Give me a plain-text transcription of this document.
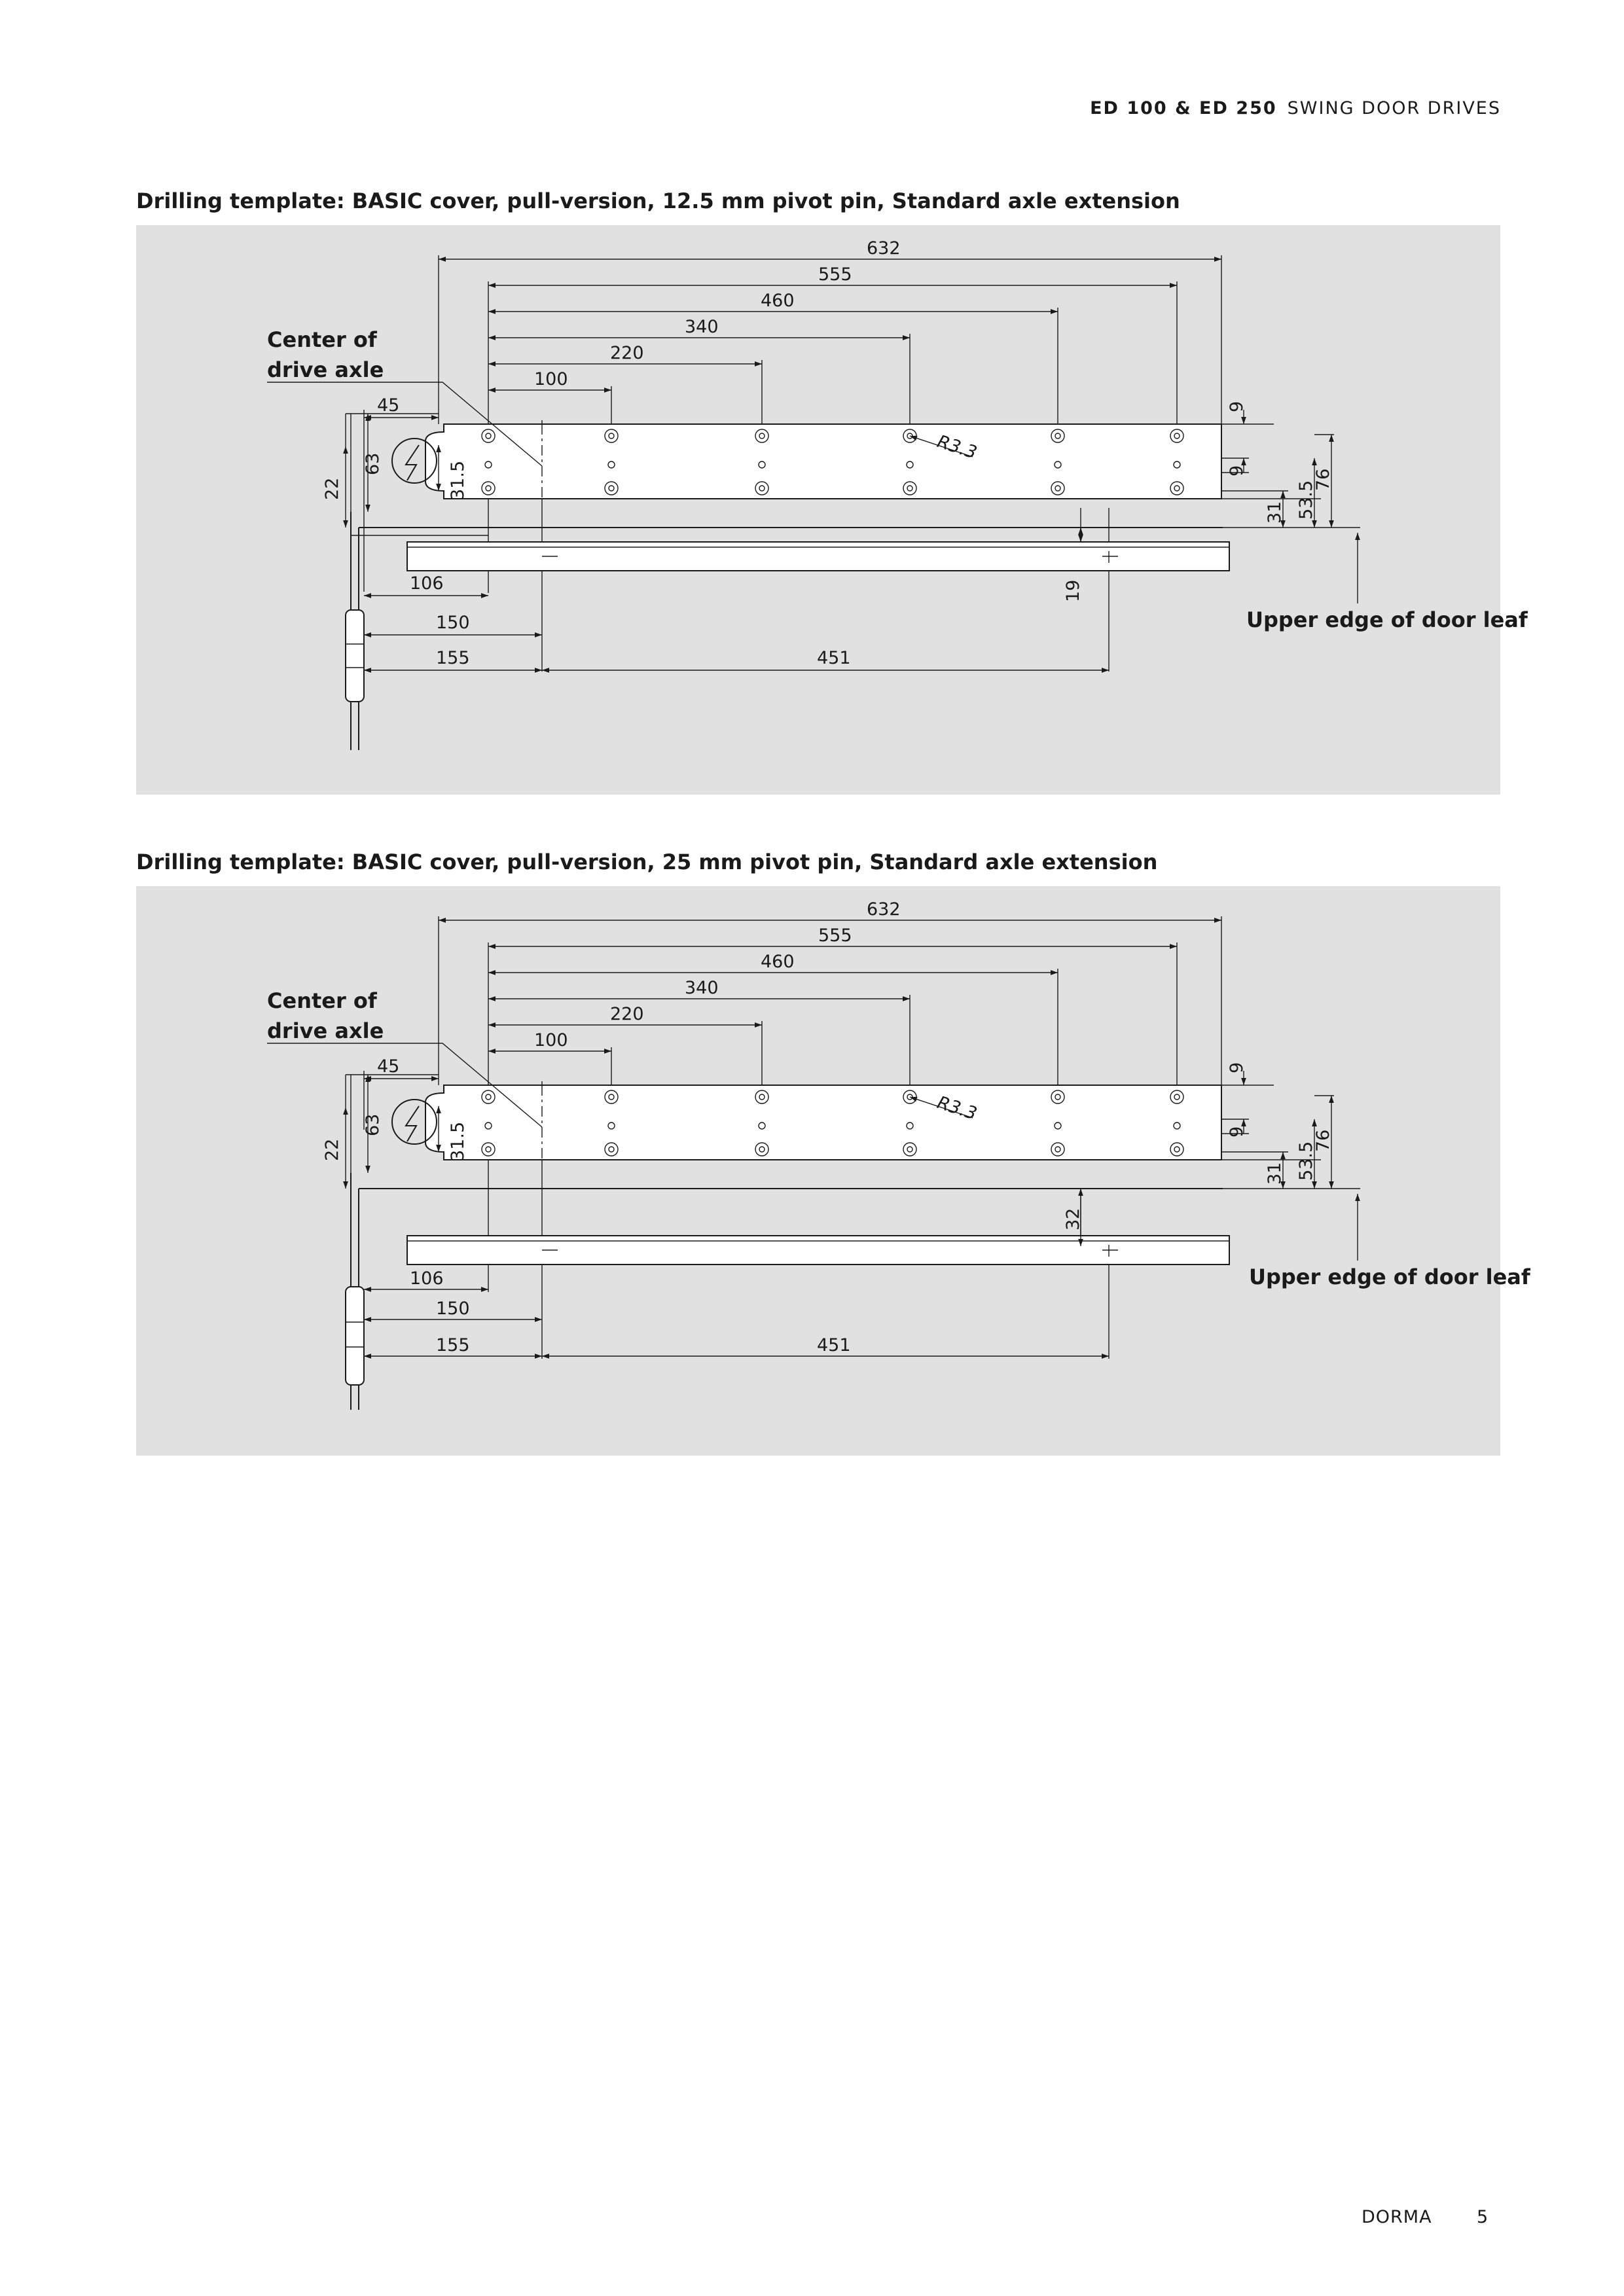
ED 100 & ED 250 SWING DOOR DRIVES
Drilling template: BASIC cover, pull-version, 12.5 mm pivot pin, Standard axle extension
632
555
460
340
220
100
45
106
150
155	451
22
63	31.5
9
9
31 53.5
76
19
R3.3
Center of
drive axle
Upper edge of door leaf
Drilling template: BASIC cover, pull-version, 25 mm pivot pin, Standard axle extension
632
555
460
340
220
100
45
106
150
155	451
22
63	31.5
9
9
31 53.5
76
32
R3.3
Center of
drive axle
Upper edge of door leaf
DORMA	5
